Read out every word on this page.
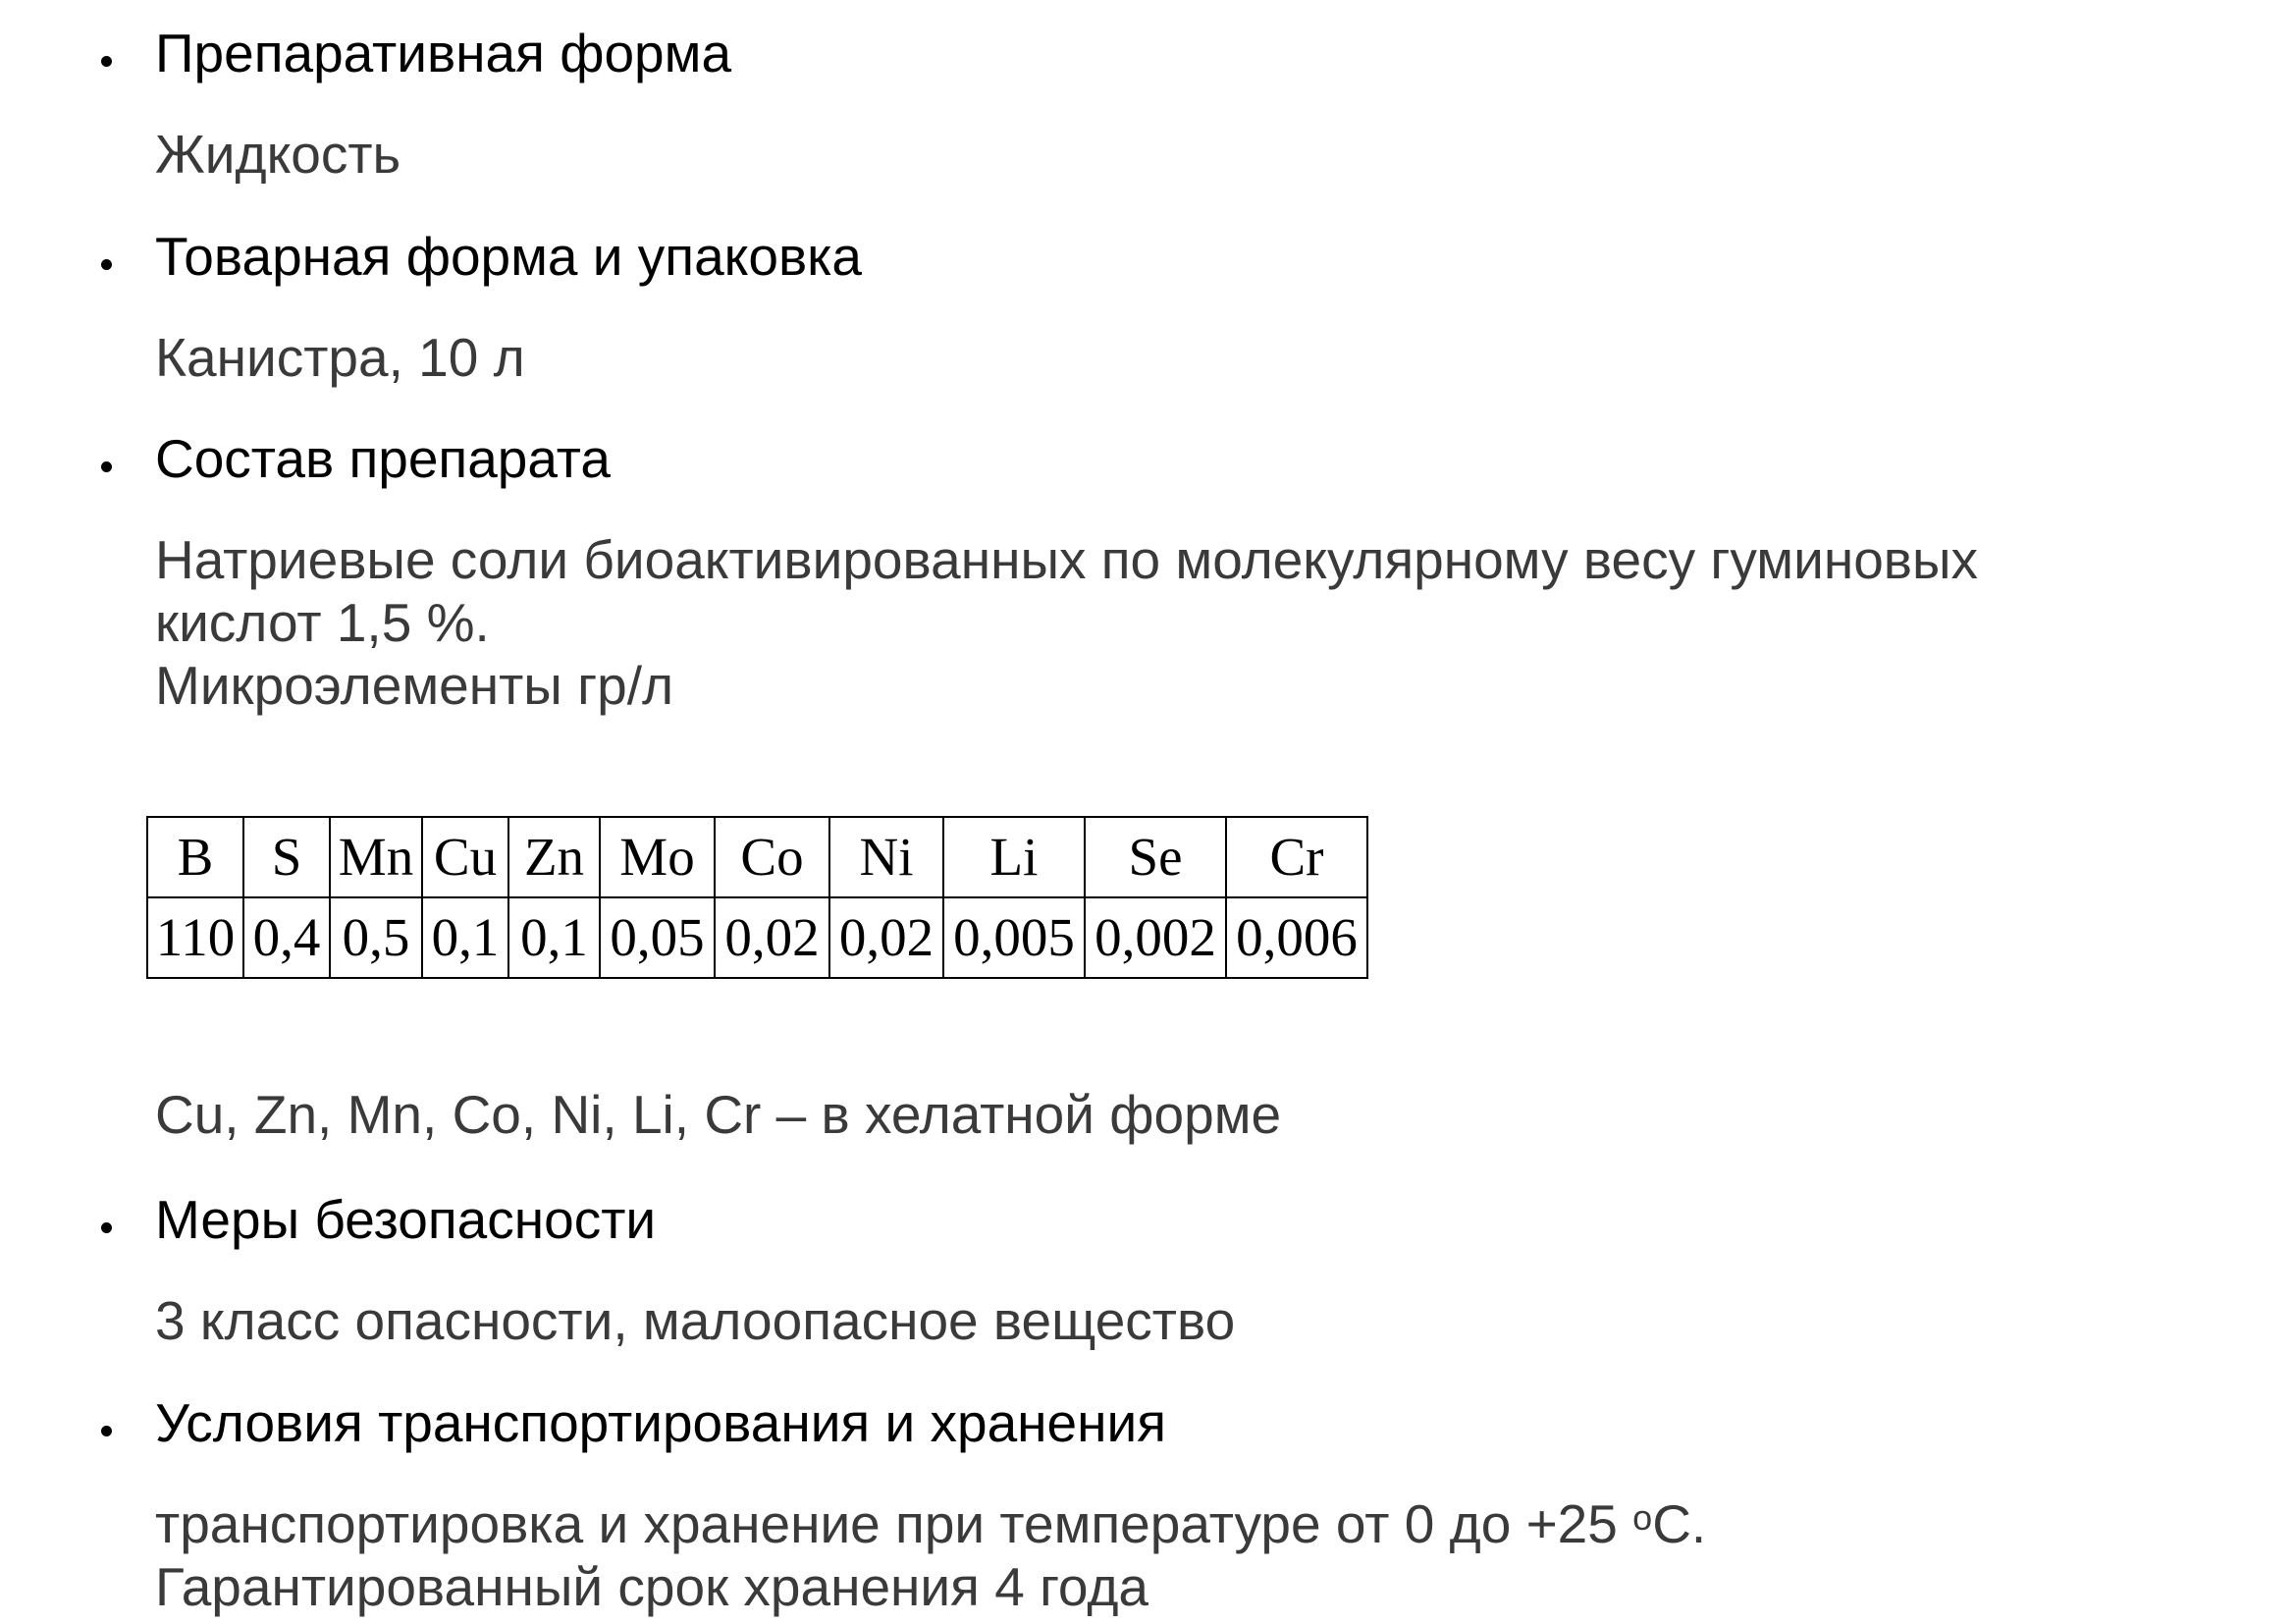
Препаративная форма
Жидкость
Товарная форма и упаковка
Канистра, 10 л
Состав препарата
Натриевые соли биоактивированных по молекулярному весу гуминовых
кислот 1,5 %.
Микроэлементы гр/л
B	S	Mn	Cu	Zn	Mo	Co	Ni	Li	Se	Cr
110	0,4	0,5	0,1	0,1	0,05	0,02	0,02	0,005	0,002	0,006
Cu, Zn, Mn, Co, Ni, Li, Cr – в хелатной форме
Меры безопасности
3 класс опасности, малоопасное вещество
Условия транспортирования и хранения
транспортировка и хранение при температуре от 0 до +25 $^o$С.
Гарантированный срок хранения 4 года
